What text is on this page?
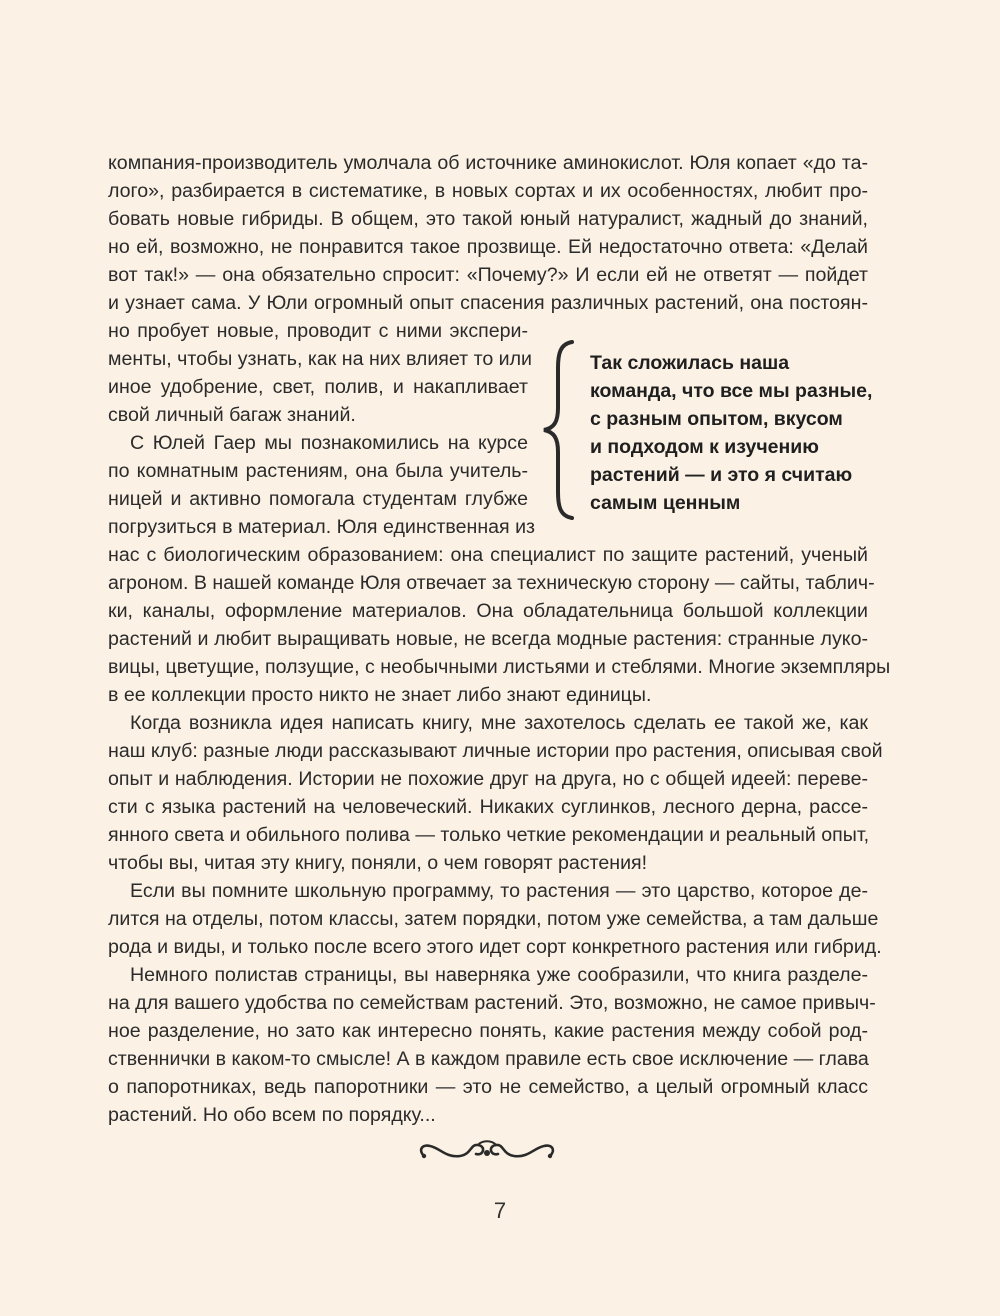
компания-производитель умолчала об источнике аминокислот. Юля копает «до та-

лого», разбирается в систематике, в новых сортах и их особенностях, любит про-

бовать новые гибриды. В общем, это такой юный натуралист, жадный до знаний,

но ей, возможно, не понравится такое прозвище. Ей недостаточно ответа: «Делай

вот так!» — она обязательно спросит: «Почему?» И если ей не ответят — пойдет

и узнает сама. У Юли огромный опыт спасения различных растений, она постоян-

но пробует новые, проводит с ними экспери-

менты, чтобы узнать, как на них влияет то или

иное удобрение, свет, полив, и накапливает

свой личный багаж знаний.

С Юлей Гаер мы познакомились на курсе

по комнатным растениям, она была учитель-

ницей и активно помогала студентам глубже

погрузиться в материал. Юля единственная из

нас с биологическим образованием: она специалист по защите растений, ученый

агроном. В нашей команде Юля отвечает за техническую сторону — сайты, таблич-

ки, каналы, оформление материалов. Она обладательница большой коллекции

растений и любит выращивать новые, не всегда модные растения: странные луко-

вицы, цветущие, ползущие, с необычными листьями и стеблями. Многие экземпляры

в ее коллекции просто никто не знает либо знают единицы.

Когда возникла идея написать книгу, мне захотелось сделать ее такой же, как

наш клуб: разные люди рассказывают личные истории про растения, описывая свой

опыт и наблюдения. Истории не похожие друг на друга, но с общей идеей: переве-

сти с языка растений на человеческий. Никаких суглинков, лесного дерна, рассе-

янного света и обильного полива — только четкие рекомендации и реальный опыт,

чтобы вы, читая эту книгу, поняли, о чем говорят растения!

Если вы помните школьную программу, то растения — это царство, которое де-

лится на отделы, потом классы, затем порядки, потом уже семейства, а там дальше

рода и виды, и только после всего этого идет сорт конкретного растения или гибрид.

Немного полистав страницы, вы наверняка уже сообразили, что книга разделе-

на для вашего удобства по семействам растений. Это, возможно, не самое привыч-

ное разделение, но зато как интересно понять, какие растения между собой род-

ственнички в каком-то смысле! А в каждом правиле есть свое исключение — глава

о папоротниках, ведь папоротники — это не семейство, а целый огромный класс

растений. Но обо всем по порядку...

Так сложилась наша
команда, что все мы разные,
с разным опытом, вкусом
и подходом к изучению
растений — и это я считаю
самым ценным
7
